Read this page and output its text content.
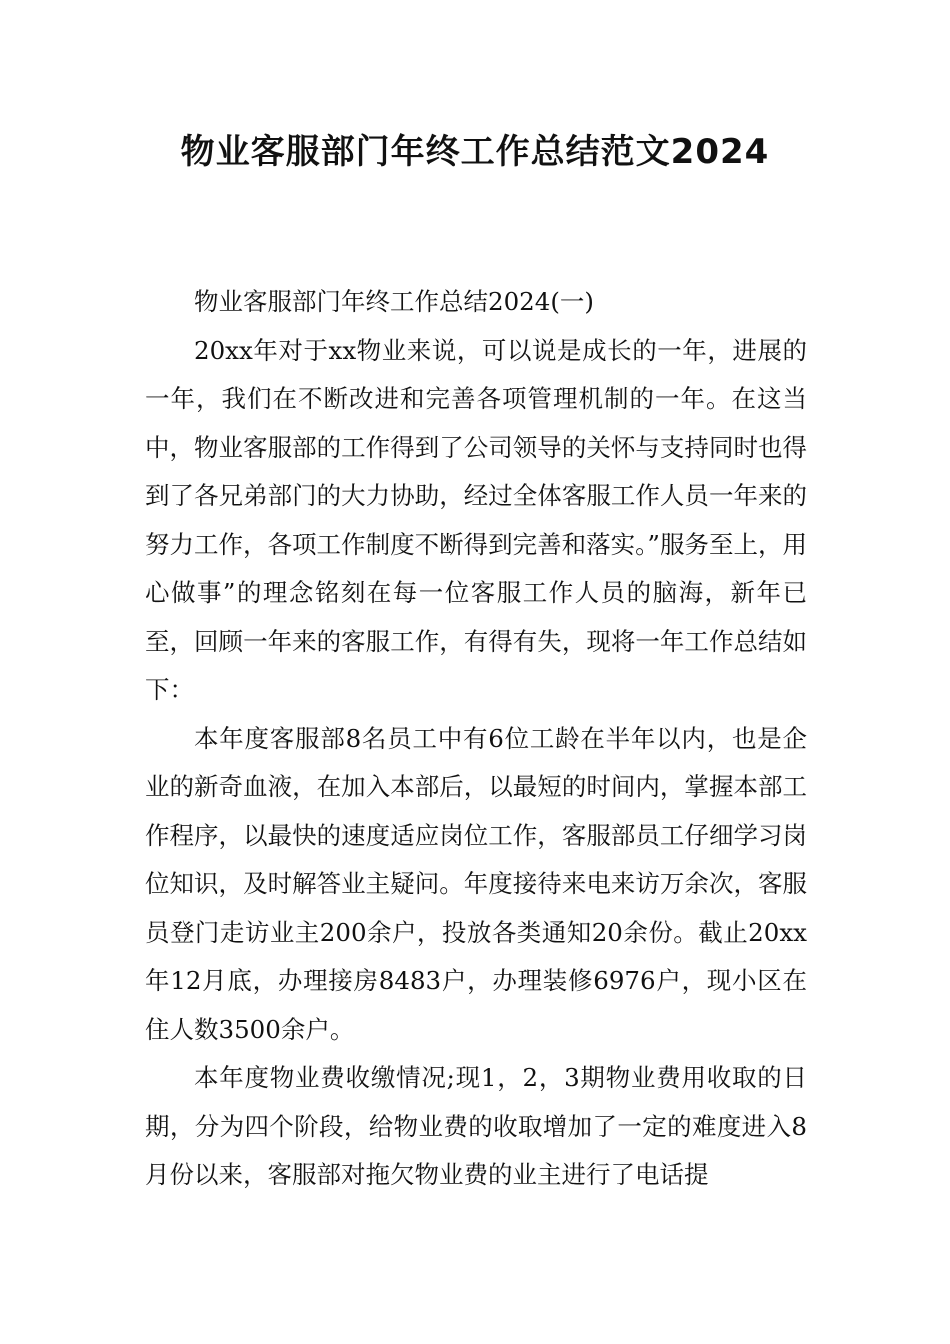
物业客服部门年终工作总结范文2024

物业客服部门年终工作总结2024(一)

20xx年对于xx物业来说，可以说是成长的一年，进展的一年，我们在不断改进和完善各项管理机制的一年。在这当中，物业客服部的工作得到了公司领导的关怀与支持同时也得到了各兄弟部门的大力协助，经过全体客服工作人员一年来的努力工作，各项工作制度不断得到完善和落实。”服务至上，用心做事”的理念铭刻在每一位客服工作人员的脑海，新年已至，回顾一年来的客服工作，有得有失，现将一年工作总结如下：

本年度客服部8名员工中有6位工龄在半年以内，也是企业的新奇血液，在加入本部后，以最短的时间内，掌握本部工作程序，以最快的速度适应岗位工作，客服部员工仔细学习岗位知识，及时解答业主疑问。年度接待来电来访万余次，客服员登门走访业主200余户，投放各类通知20余份。截止20xx年12月底，办理接房8483户，办理装修6976户，现小区在住人数3500余户。

本年度物业费收缴情况;现1，2，3期物业费用收取的日期，分为四个阶段，给物业费的收取增加了一定的难度进入8月份以来，客服部对拖欠物业费的业主进行了电话提
